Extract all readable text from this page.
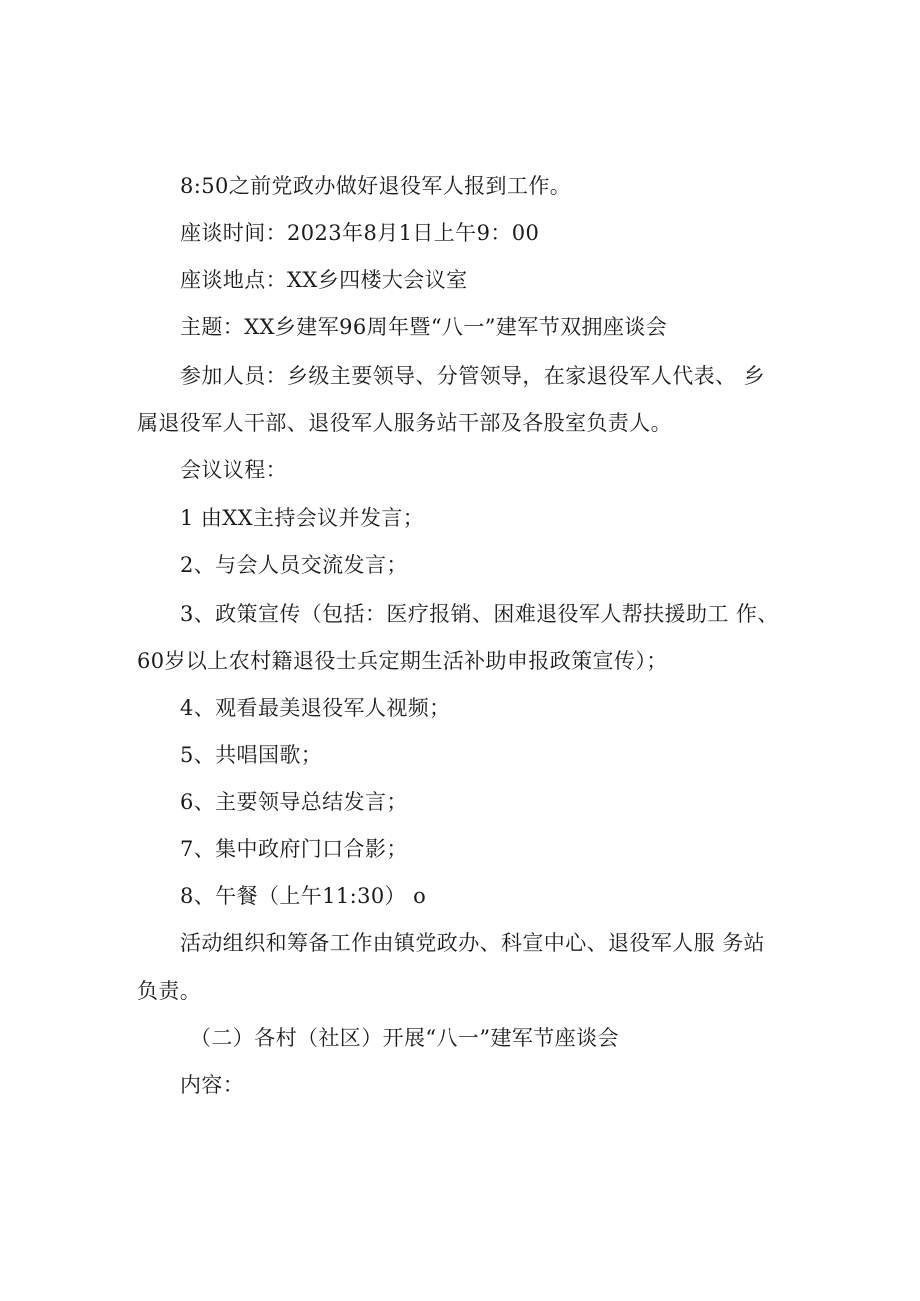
8:50之前党政办做好退役军人报到工作。

座谈时间：2023年8月1日上午9：00

座谈地点：XX乡四楼大会议室

主题：XX乡建军96周年暨“八一”建军节双拥座谈会

参加人员：乡级主要领导、分管领导，在家退役军人代表、 乡

属退役军人干部、退役军人服务站干部及各股室负责人。

会议议程：

1 由XX主持会议并发言；

2、与会人员交流发言；

3、政策宣传（包括：医疗报销、困难退役军人帮扶援助工 作、

60岁以上农村籍退役士兵定期生活补助申报政策宣传）；

4、观看最美退役军人视频；

5、共唱国歌；

6、主要领导总结发言；

7、集中政府门口合影；

8、午餐（上午11:30） o

活动组织和筹备工作由镇党政办、科宣中心、退役军人服 务站

负责。

（二）各村（社区）开展“八一”建军节座谈会

内容：
